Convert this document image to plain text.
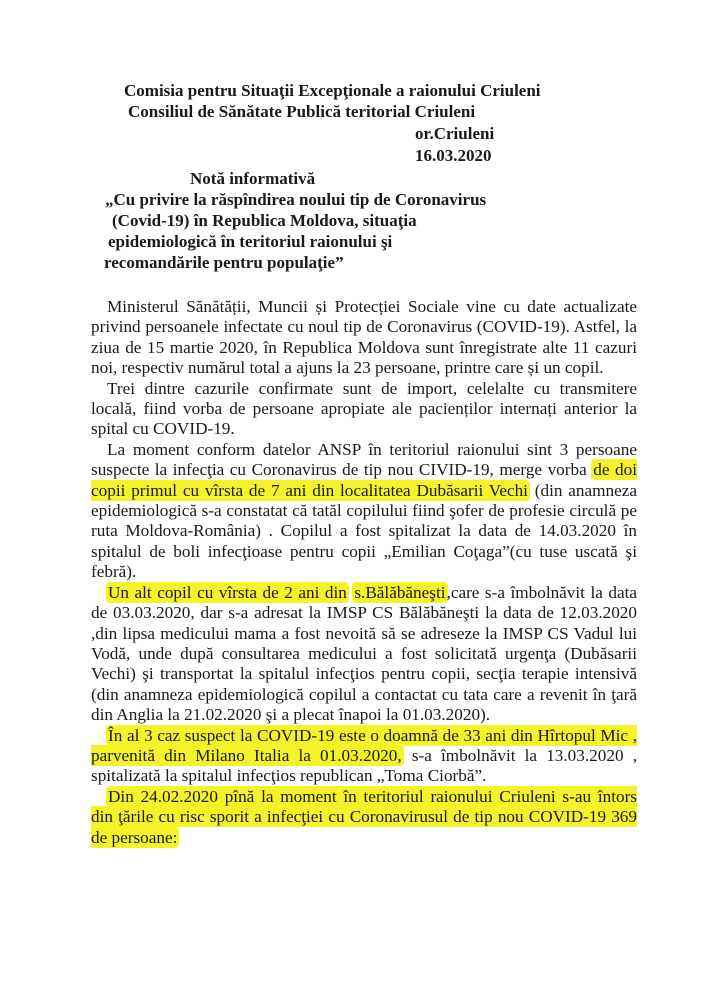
Comisia pentru Situaţii Excepţionale a raionului Criuleni
Consiliul de Sănătate Publică teritorial Criuleni
or.Criuleni
16.03.2020
Notă informativă
„Cu privire la răspîndirea noului tip de Coronavirus
(Covid-19) în Republica Moldova, situaţia
epidemiologică în teritoriul raionului şi
recomandările pentru populaţie”

Ministerul Sănătății, Muncii și Protecției Sociale vine cu date actualizate privind persoanele infectate cu noul tip de Coronavirus (COVID-19). Astfel, la ziua de 15 martie 2020, în Republica Moldova sunt înregistrate alte 11 cazuri noi, respectiv numărul total a ajuns la 23 persoane, printre care și un copil.

Trei dintre cazurile confirmate sunt de import, celelalte cu transmitere locală, fiind vorba de persoane apropiate ale pacienților internați anterior la spital cu COVID-19.

La moment conform datelor ANSP în teritoriul raionului sint 3 persoane suspecte la infecţia cu Coronavirus de tip nou CIVID-19, merge vorba de doi copii primul cu vîrsta de 7 ani din localitatea Dubăsarii Vechi (din anamneza epidemiologică s-a constatat că tatăl copilului fiind şofer de profesie circulă pe ruta Moldova-România) . Copilul a fost spitalizat la data de 14.03.2020 în spitalul de boli infecţioase pentru copii „Emilian Coţaga”(cu tuse uscată şi febră).

Un alt copil cu vîrsta de 2 ani din s.Bălăbăneşti,care s-a îmbolnăvit la data de 03.03.2020, dar s-a adresat la IMSP CS Bălăbăneşti la data de 12.03.2020 ,din lipsa medicului mama a fost nevoită să se adreseze la IMSP CS Vadul lui Vodă, unde după consultarea medicului a fost solicitată urgenţa (Dubăsarii Vechi) şi transportat la spitalul infecţios pentru copii, secţia terapie intensivă (din anamneza epidemiologică copilul a contactat cu tata care a revenit în ţară din Anglia la 21.02.2020 şi a plecat înapoi la 01.03.2020).

În al 3 caz suspect la COVID-19 este o doamnă de 33 ani din Hîrtopul Mic , parvenită din Milano Italia la 01.03.2020, s-a îmbolnăvit la 13.03.2020 , spitalizată la spitalul infecţios republican „Toma Ciorbă”.

Din 24.02.2020 pînă la moment în teritoriul raionului Criuleni s-au întors din ţările cu risc sporit a infecţiei cu Coronavirusul de tip nou COVID-19 369 de persoane:
